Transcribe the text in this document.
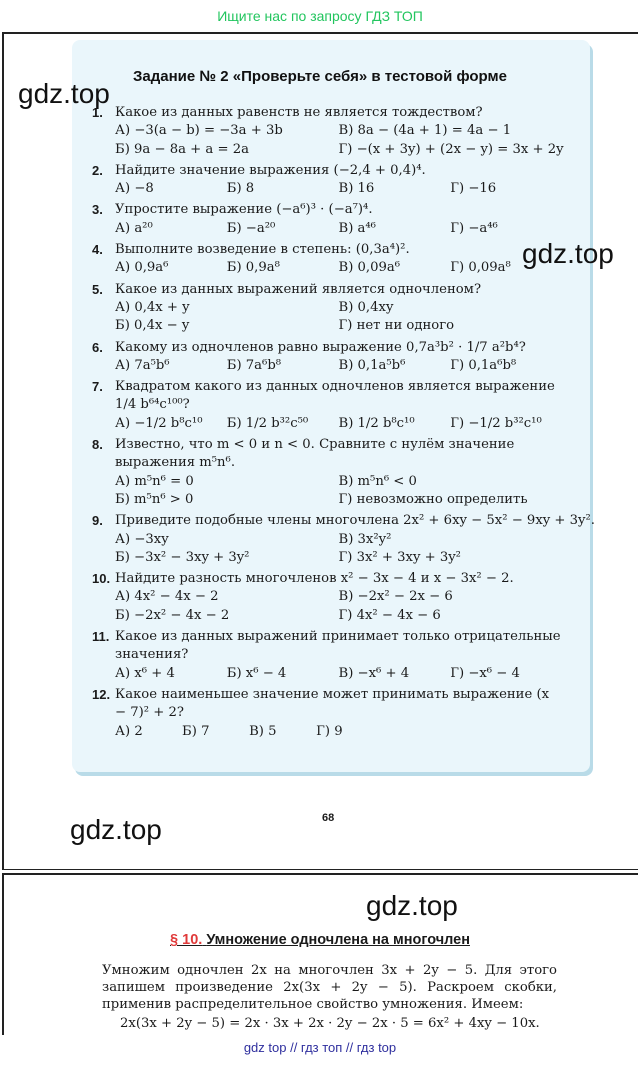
Ищите нас по запросу ГДЗ ТОП
Задание № 2 «Проверьте себя» в тестовой форме
1. Какое из данных равенств не является тождеством?
А) −3(a − b) = −3a + 3b	В) 8a − (4a + 1) = 4a − 1
Б) 9a − 8a + a = 2a	Г) −(x + 3y) + (2x − y) = 3x + 2y
2. Найдите значение выражения (−2,4 + 0,4)⁴.
А) −8	Б) 8	В) 16	Г) −16
3. Упростите выражение (−a⁶)³ · (−a⁷)⁴.
А) a²⁰	Б) −a²⁰	В) a⁴⁶	Г) −a⁴⁶
4. Выполните возведение в степень: (0,3a⁴)².
А) 0,9a⁶	Б) 0,9a⁸	В) 0,09a⁶	Г) 0,09a⁸
5. Какое из данных выражений является одночленом?
А) 0,4x + y	В) 0,4xy
Б) 0,4x − y	Г) нет ни одного
6. Какому из одночленов равно выражение 0,7a³b² · 1/7 a²b⁴?
А) 7a⁵b⁶	Б) 7a⁶b⁸	В) 0,1a⁵b⁶	Г) 0,1a⁶b⁸
7. Квадратом какого из данных одночленов является выражение 1/4 b⁶⁴c¹⁰⁰?
А) −1/2 b⁸c¹⁰	Б) 1/2 b³²c⁵⁰	В) 1/2 b⁸c¹⁰	Г) −1/2 b³²c¹⁰
8. Известно, что m < 0 и n < 0. Сравните с нулём значение выражения m⁵n⁶.
А) m⁵n⁶ = 0	В) m⁵n⁶ < 0
Б) m⁵n⁶ > 0	Г) невозможно определить
9. Приведите подобные члены многочлена 2x² + 6xy − 5x² − 9xy + 3y².
А) −3xy	В) 3x²y²
Б) −3x² − 3xy + 3y²	Г) 3x² + 3xy + 3y²
10. Найдите разность многочленов x² − 3x − 4 и x − 3x² − 2.
А) 4x² − 4x − 2	В) −2x² − 2x − 6
Б) −2x² − 4x − 2	Г) 4x² − 4x − 6
11. Какое из данных выражений принимает только отрицательные значения?
А) x⁶ + 4	Б) x⁶ − 4	В) −x⁶ + 4	Г) −x⁶ − 4
12. Какое наименьшее значение может принимать выражение (x − 7)² + 2?
А) 2	Б) 7	В) 5	Г) 9
gdz.top
gdz.top
gdz.top
gdz.top
68
§ 10. Умножение одночлена на многочлен

Умножим одночлен 2x на многочлен 3x + 2y − 5. Для этого запишем произведение 2x(3x + 2y − 5). Раскроем скобки, применив распределительное свойство умножения. Имеем:

2x(3x + 2y − 5) = 2x · 3x + 2x · 2y − 2x · 5 = 6x² + 4xy − 10x.
gdz top // гдз топ // гдз top
